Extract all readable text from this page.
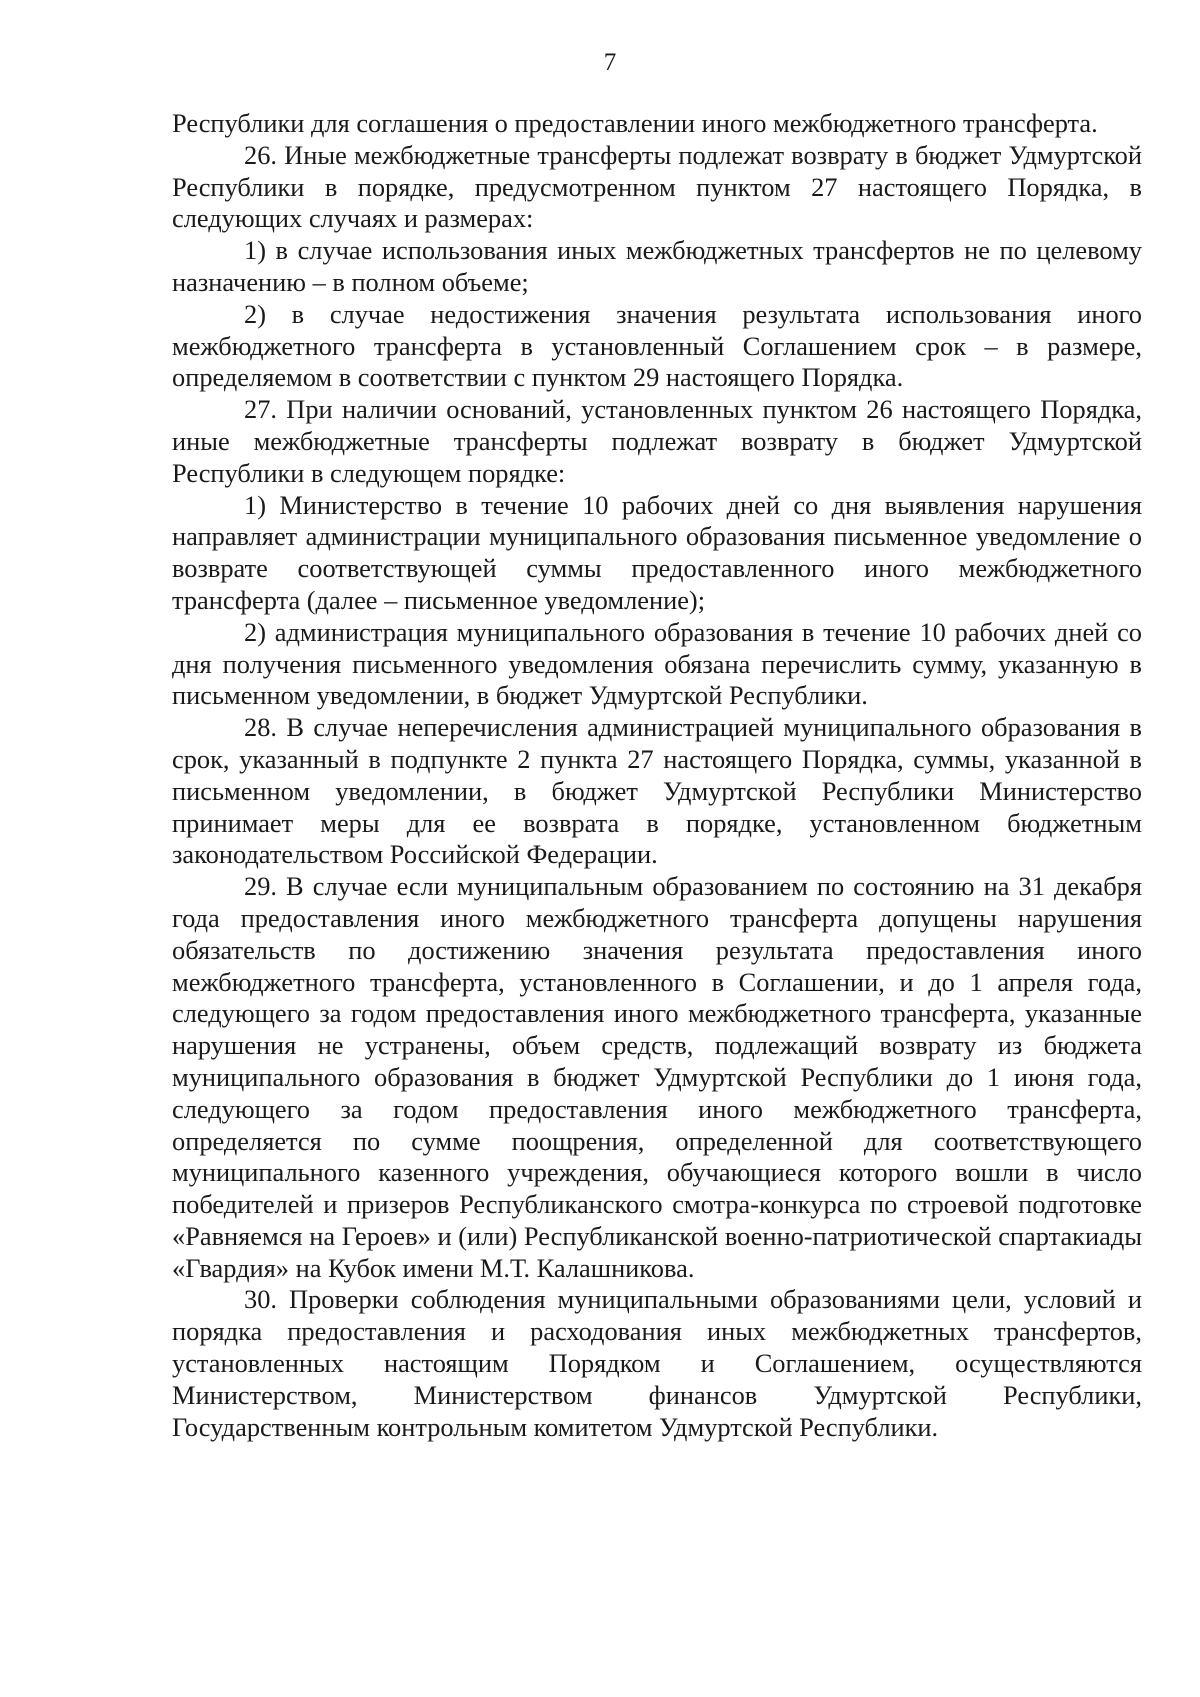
7

Республики для соглашения о предоставлении иного межбюджетного трансферта.

26. Иные межбюджетные трансферты подлежат возврату в бюджет Удмуртской Республики в порядке, предусмотренном пунктом 27 настоящего Порядка, в следующих случаях и размерах:

1) в случае использования иных межбюджетных трансфертов не по целевому назначению – в полном объеме;

2) в случае недостижения значения результата использования иного межбюджетного трансферта в установленный Соглашением срок – в размере, определяемом в соответствии с пунктом 29 настоящего Порядка.

27. При наличии оснований, установленных пунктом 26 настоящего Порядка, иные межбюджетные трансферты подлежат возврату в бюджет Удмуртской Республики в следующем порядке:

1) Министерство в течение 10 рабочих дней со дня выявления нарушения направляет администрации муниципального образования письменное уведомление о возврате соответствующей суммы предоставленного иного межбюджетного трансферта (далее – письменное уведомление);

2) администрация муниципального образования в течение 10 рабочих дней со дня получения письменного уведомления обязана перечислить сумму, указанную в письменном уведомлении, в бюджет Удмуртской Республики.

28. В случае неперечисления администрацией муниципального образования в срок, указанный в подпункте 2 пункта 27 настоящего Порядка, суммы, указанной в письменном уведомлении, в бюджет Удмуртской Республики Министерство принимает меры для ее возврата в порядке, установленном бюджетным законодательством Российской Федерации.

29. В случае если муниципальным образованием по состоянию на 31 декабря года предоставления иного межбюджетного трансферта допущены нарушения обязательств по достижению значения результата предоставления иного межбюджетного трансферта, установленного в Соглашении, и до 1 апреля года, следующего за годом предоставления иного межбюджетного трансферта, указанные нарушения не устранены, объем средств, подлежащий возврату из бюджета муниципального образования в бюджет Удмуртской Республики до 1 июня года, следующего за годом предоставления иного межбюджетного трансферта, определяется по сумме поощрения, определенной для соответствующего муниципального казенного учреждения, обучающиеся которого вошли в число победителей и призеров Республиканского смотра-конкурса по строевой подготовке «Равняемся на Героев» и (или) Республиканской военно-патриотической спартакиады «Гвардия» на Кубок имени М.Т. Калашникова.

30. Проверки соблюдения муниципальными образованиями цели, условий и порядка предоставления и расходования иных межбюджетных трансфертов, установленных настоящим Порядком и Соглашением, осуществляются Министерством, Министерством финансов Удмуртской Республики, Государственным контрольным комитетом Удмуртской Республики.
